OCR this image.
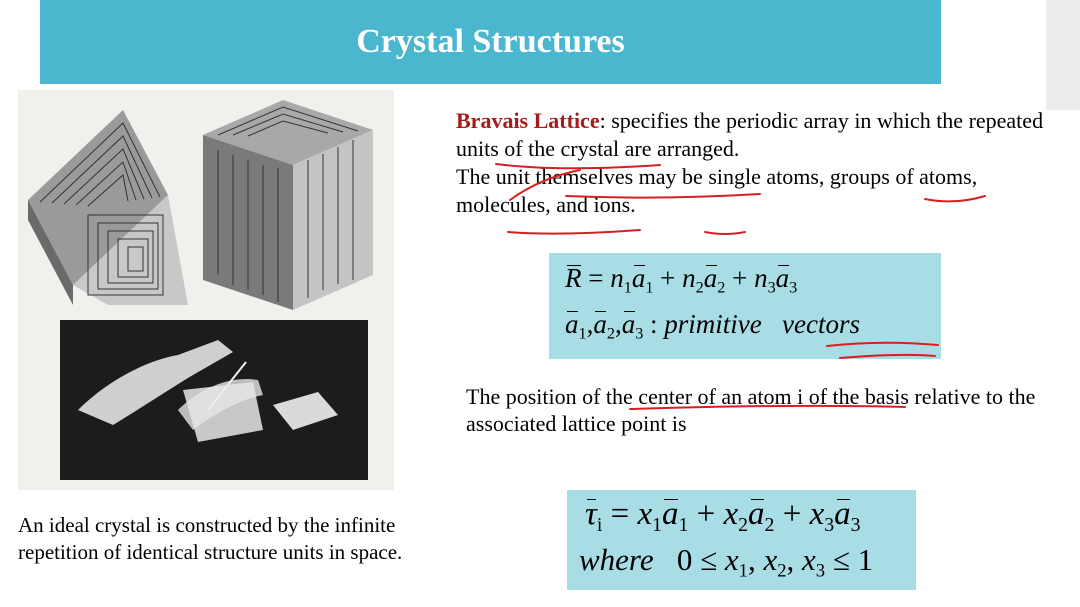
Crystal Structures
An ideal crystal is constructed by the infinite repetition of identical structure units in space.
Bravais Lattice: specifies the periodic array in which the repeated units of the crystal are arranged.
The unit themselves may be single atoms, groups of atoms, molecules, and ions.
$R = n_1a_1 + n_2a_2 + n_3a_3$
$a_1,a_2,a_3$ : primitive   vectors
The position of the center of an atom i of the basis relative to the associated lattice point is
$\tau_i = x_1a_1 + x_2a_2 + x_3a_3$
where   $0 \le x_1$, $x_2$, $x_3 \le 1$
